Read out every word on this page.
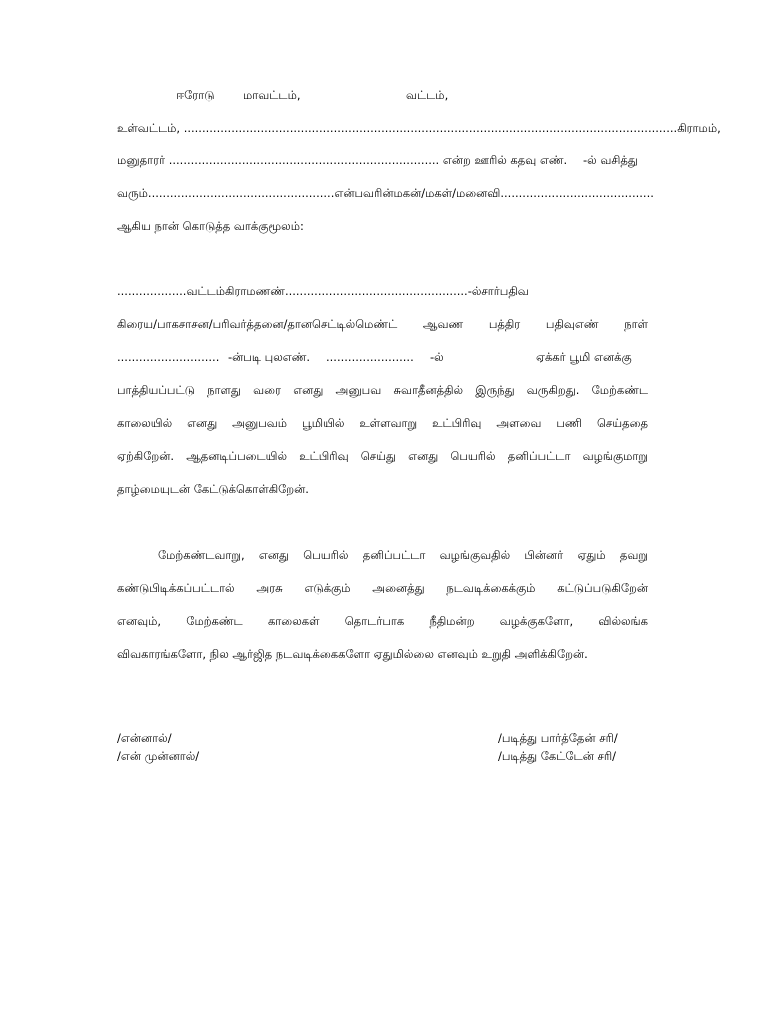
ஈரோடு மாவட்டம்,	வட்டம்,
உள்வட்டம், .......................................................................................................................................கிராமம்,
மனுதாரர் .......................................................................... என்ற ஊரில் கதவு எண். -ல் வசித்து
வரும்...................................................என்பவரின்மகன்/மகள்/மனைவி..........................................
ஆகிய நான் கொடுத்த வாக்குமூலம்:
...................வட்டம்கிராமணண்..................................................-ல்சார்பதிவ
கிரைய/பாகசாசன/பரிவர்த்தனை/தானசெட்டில்மெண்ட் ஆவண பத்திர பதிவுஎண் நாள்
............................ -ன்படி புலஎண். ........................ -ல்	ஏக்கர் பூமி எனக்கு
பாத்தியப்பட்டு நாளது வரை எனது அனுபவ சுவாதீனத்தில் இருந்து வருகிறது. மேற்கண்ட
காலையில் எனது அனுபவம் பூமியில் உள்ளவாறு உட்பிரிவு அளவை பணி செய்ததை
ஏற்கிறேன். ஆதனடிப்படையில் உட்பிரிவு செய்து எனது பெயரில் தனிப்பட்டா வழங்குமாறு
தாழ்மையுடன் கேட்டுக்கொள்கிறேன்.
மேற்கண்டவாறு, எனது பெயரில் தனிப்பட்டா வழங்குவதில் பின்னர் ஏதும் தவறு
கண்டுபிடிக்கப்பட்டால் அரசு எடுக்கும் அனைத்து நடவடிக்கைக்கும் கட்டுப்படுகிறேன்
எனவும், மேற்கண்ட காலைகள் தொடர்பாக நீதிமன்ற வழக்குகளோ, வில்லங்க
விவகாரங்களோ, நில ஆர்ஜித நடவடிக்கைகளோ ஏதுமில்லை எனவும் உறுதி அளிக்கிறேன்.
/என்னால்/
/என் முன்னால்/
/படித்து பார்த்தேன் சரி/
/படித்து கேட்டேன் சரி/
